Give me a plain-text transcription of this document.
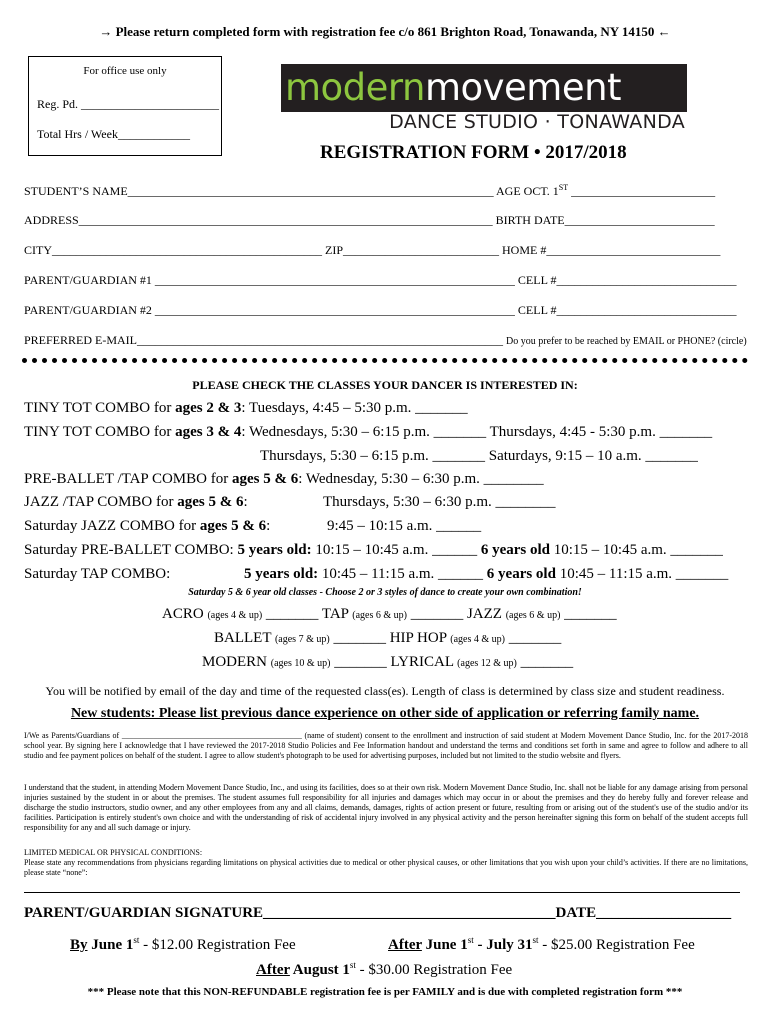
→ Please return completed form with registration fee c/o 861 Brighton Road, Tonawanda, NY 14150 ←
For office use only
Reg. Pd. _______________________
Total Hrs / Week____________
modernmovement
DANCE STUDIO · TONAWANDA
REGISTRATION FORM • 2017/2018
STUDENT’S NAME_____________________________________________________________ AGE OCT. 1ST ________________________
ADDRESS_____________________________________________________________________ BIRTH DATE_________________________
CITY_____________________________________________ ZIP__________________________ HOME #_____________________________
PARENT/GUARDIAN #1 ____________________________________________________________ CELL #______________________________
PARENT/GUARDIAN #2 ____________________________________________________________ CELL #______________________________
PREFERRED E-MAIL_____________________________________________________________ Do you prefer to be reached by EMAIL or PHONE? (circle)
PLEASE CHECK THE CLASSES YOUR DANCER IS INTERESTED IN:
TINY TOT COMBO for ages 2 & 3: Tuesdays, 4:45 – 5:30 p.m. _______
TINY TOT COMBO for ages 3 & 4: Wednesdays, 5:30 – 6:15 p.m. _______ Thursdays, 4:45 - 5:30 p.m. _______
Thursdays, 5:30 – 6:15 p.m. _______ Saturdays, 9:15 – 10 a.m. _______
PRE-BALLET /TAP COMBO for ages 5 & 6: Wednesday, 5:30 – 6:30 p.m. ________
JAZZ /TAP COMBO for ages 5 & 6:	Thursdays, 5:30 – 6:30 p.m. ________
Saturday JAZZ COMBO for ages 5 & 6:	9:45 – 10:15 a.m. ______
Saturday PRE-BALLET COMBO: 5 years old: 10:15 – 10:45 a.m. ______ 6 years old 10:15 – 10:45 a.m. _______
Saturday TAP COMBO:	5 years old: 10:45 – 11:15 a.m. ______ 6 years old 10:45 – 11:15 a.m. _______
Saturday 5 & 6 year old classes - Choose 2 or 3 styles of dance to create your own combination!
ACRO (ages 4 & up) _______ TAP (ages 6 & up) _______ JAZZ (ages 6 & up) _______
BALLET (ages 7 & up) _______ HIP HOP (ages 4 & up) _______
MODERN (ages 10 & up) _______ LYRICAL (ages 12 & up) _______
You will be notified by email of the day and time of the requested class(es). Length of class is determined by class size and student readiness.
New students: Please list previous dance experience on other side of application or referring family name.
I/We as Parents/Guardians of _____________________________________________ (name of student) consent to the enrollment and instruction of said student at Modern Movement Dance Studio, Inc. for the 2017-2018 school year. By signing here I acknowledge that I have reviewed the 2017-2018 Studio Policies and Fee Information handout and understand the terms and conditions set forth in same and agree to follow and adhere to all studio and fee payment polices on behalf of the student. I agree to allow student's photograph to be used for advertising purposes, included but not limited to the studio website and flyers.
I understand that the student, in attending Modern Movement Dance Studio, Inc., and using its facilities, does so at their own risk. Modern Movement Dance Studio, Inc. shall not be liable for any damage arising from personal injuries sustained by the student in or about the premises. The student assumes full responsibility for all injuries and damages which may occur in or about the premises and they do hereby fully and forever release and discharge the studio instructors, studio owner, and any other employees from any and all claims, demands, damages, rights of action present or future, resulting from or arising out of the student's use of the studio and/or its facilities. Participation is entirely student's own choice and with the understanding of risk of accidental injury involved in any physical activity and the person hereinafter signing this form on behalf of the student accepts full responsibility for any and all such damage or injury.
LIMITED MEDICAL OR PHYSICAL CONDITIONS:
Please state any recommendations from physicians regarding limitations on physical activities due to medical or other physical causes, or other limitations that you wish upon your child’s activities. If there are no limitations, please state “none”:
PARENT/GUARDIAN SIGNATURE_______________________________________DATE__________________
By June 1st - $12.00 Registration Fee	After June 1st - July 31st - $25.00 Registration Fee
After August 1st - $30.00 Registration Fee
*** Please note that this NON-REFUNDABLE registration fee is per FAMILY and is due with completed registration form ***
